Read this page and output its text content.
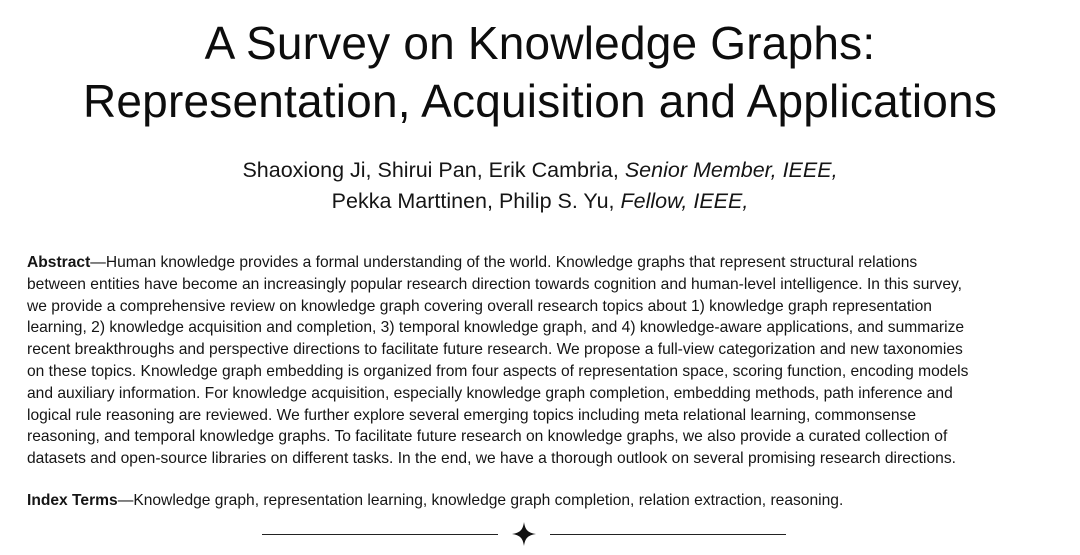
A Survey on Knowledge Graphs:
Representation, Acquisition and Applications
Shaoxiong Ji, Shirui Pan, Erik Cambria, Senior Member, IEEE,
Pekka Marttinen, Philip S. Yu, Fellow, IEEE,
Abstract—Human knowledge provides a formal understanding of the world. Knowledge graphs that represent structural relations
between entities have become an increasingly popular research direction towards cognition and human-level intelligence. In this survey,
we provide a comprehensive review on knowledge graph covering overall research topics about 1) knowledge graph representation
learning, 2) knowledge acquisition and completion, 3) temporal knowledge graph, and 4) knowledge-aware applications, and summarize
recent breakthroughs and perspective directions to facilitate future research. We propose a full-view categorization and new taxonomies
on these topics. Knowledge graph embedding is organized from four aspects of representation space, scoring function, encoding models
and auxiliary information. For knowledge acquisition, especially knowledge graph completion, embedding methods, path inference and
logical rule reasoning are reviewed. We further explore several emerging topics including meta relational learning, commonsense
reasoning, and temporal knowledge graphs. To facilitate future research on knowledge graphs, we also provide a curated collection of
datasets and open-source libraries on different tasks. In the end, we have a thorough outlook on several promising research directions.
Index Terms—Knowledge graph, representation learning, knowledge graph completion, relation extraction, reasoning.
